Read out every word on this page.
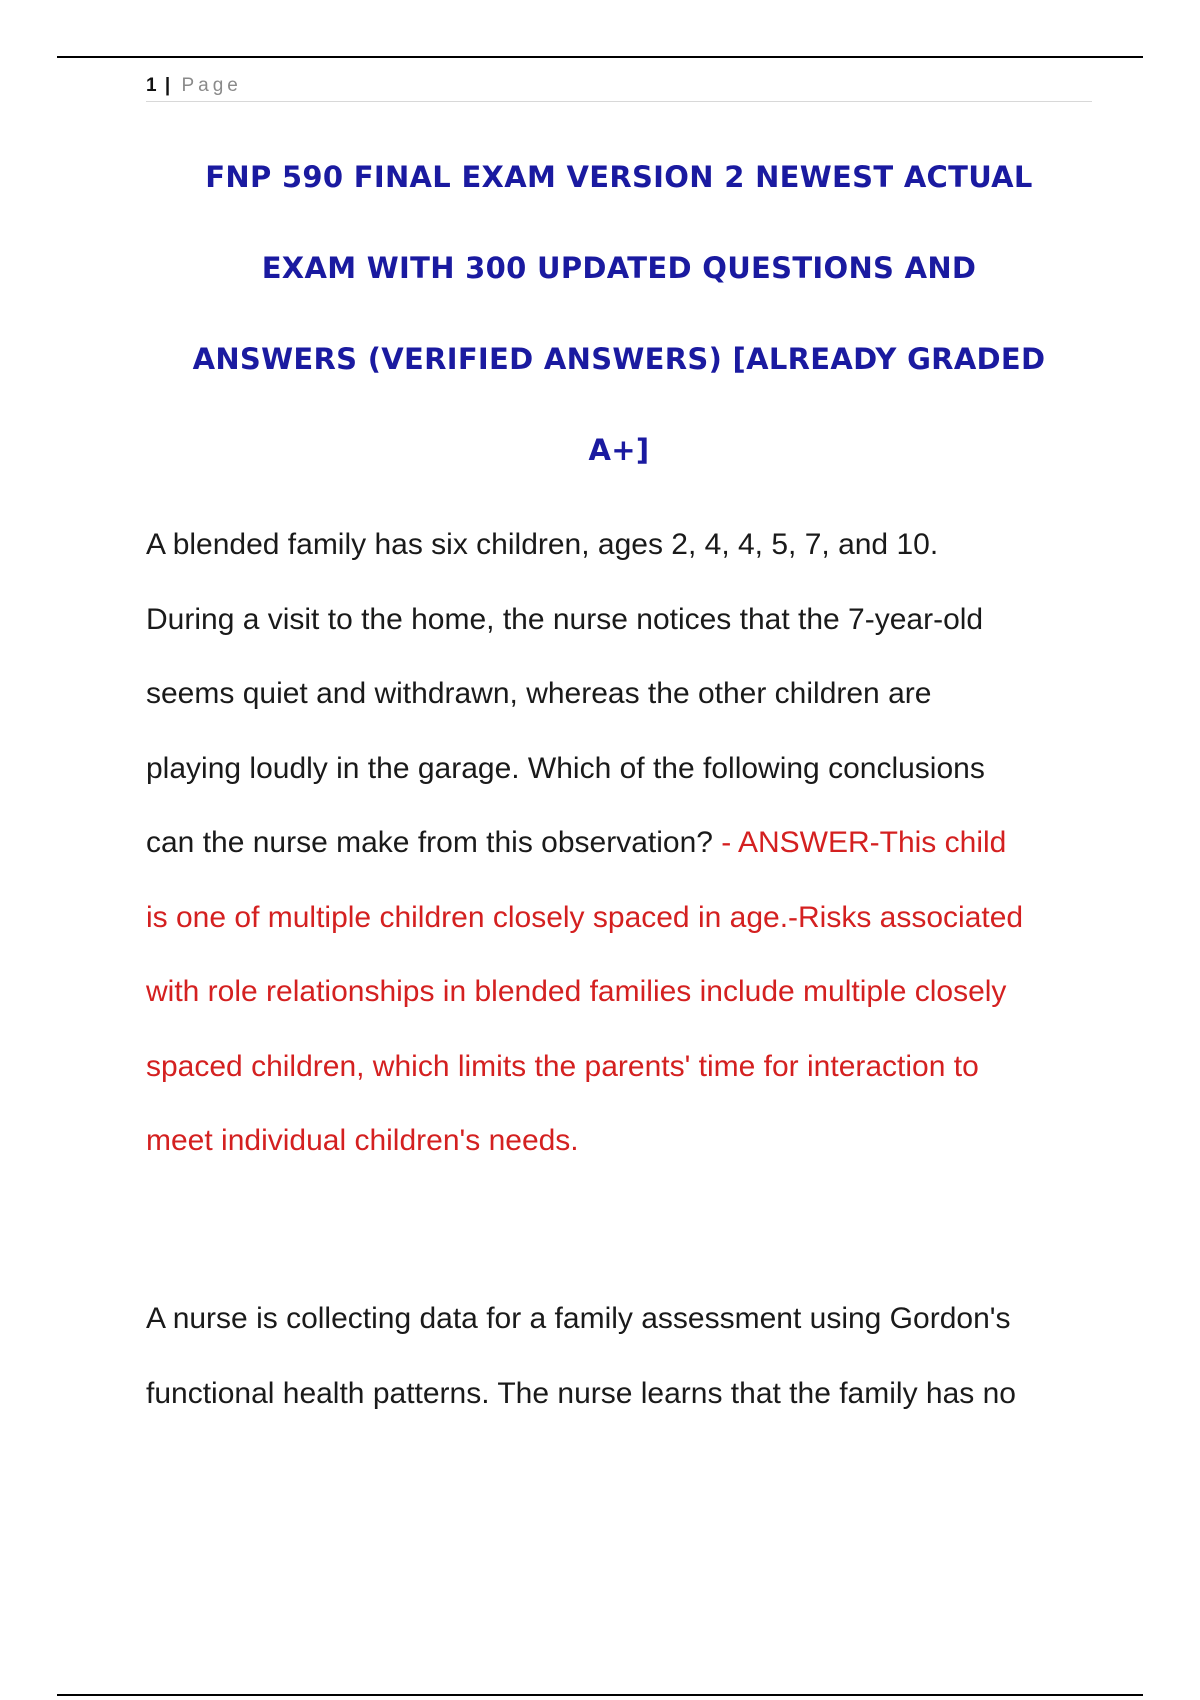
1 | Page
FNP 590 FINAL EXAM VERSION 2 NEWEST ACTUAL
EXAM WITH 300 UPDATED QUESTIONS AND
ANSWERS (VERIFIED ANSWERS) [ALREADY GRADED
A+]
A blended family has six children, ages 2, 4, 4, 5, 7, and 10.
During a visit to the home, the nurse notices that the 7-year-old
seems quiet and withdrawn, whereas the other children are
playing loudly in the garage. Which of the following conclusions
can the nurse make from this observation? - ANSWER-This child
is one of multiple children closely spaced in age.-Risks associated
with role relationships in blended families include multiple closely
spaced children, which limits the parents' time for interaction to
meet individual children's needs.
A nurse is collecting data for a family assessment using Gordon's
functional health patterns. The nurse learns that the family has no
